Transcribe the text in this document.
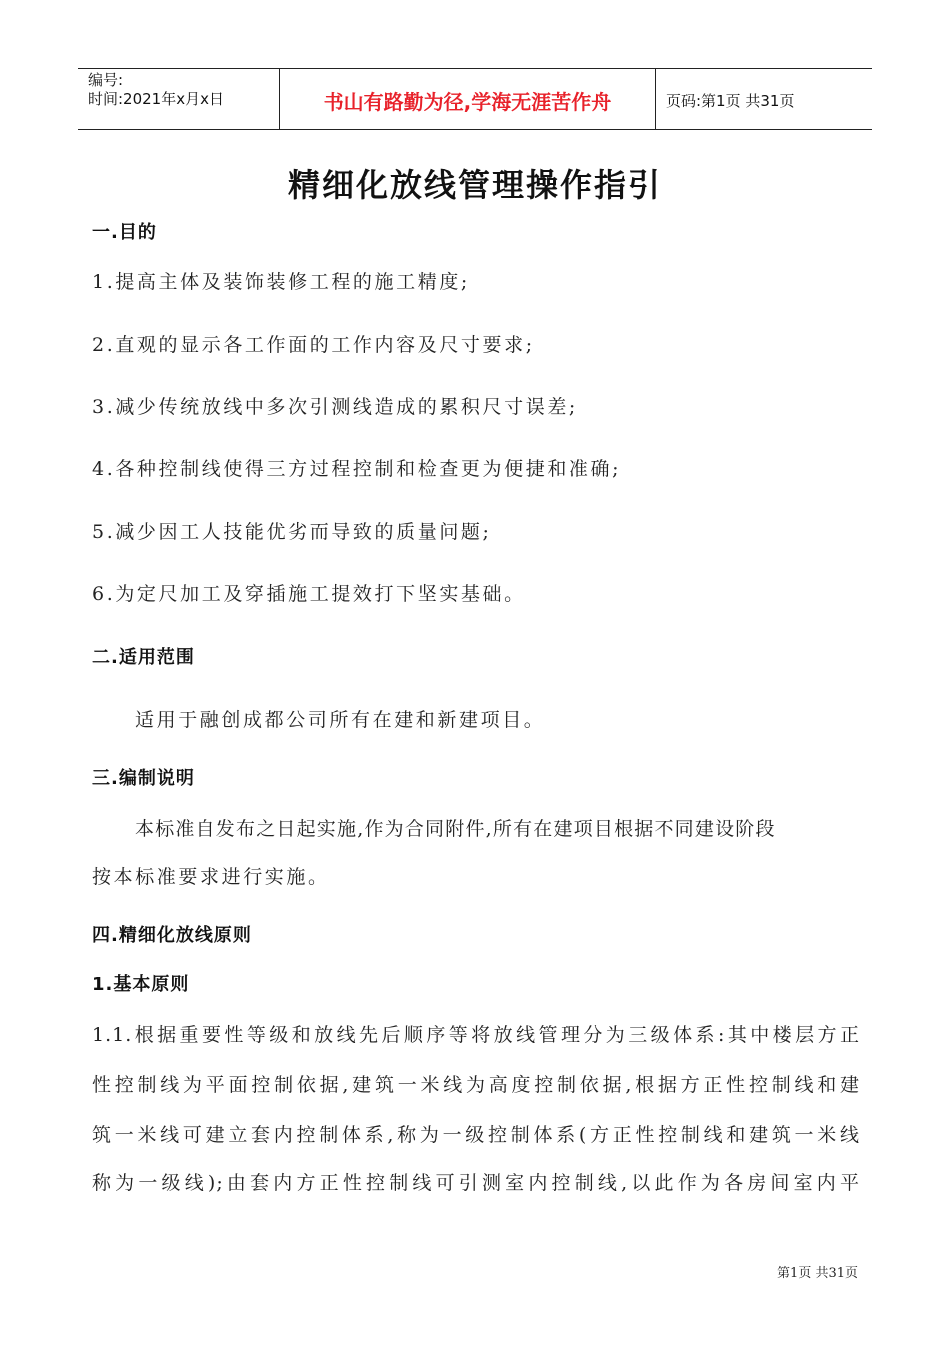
编号:
时间:2021年x月x日	书山有路勤为径,学海无涯苦作舟	页码:第1页 共31页
精细化放线管理操作指引
一.目的
1.提高主体及装饰装修工程的施工精度;
2.直观的显示各工作面的工作内容及尺寸要求;
3.减少传统放线中多次引测线造成的累积尺寸误差;
4.各种控制线使得三方过程控制和检查更为便捷和准确;
5.减少因工人技能优劣而导致的质量问题;
6.为定尺加工及穿插施工提效打下坚实基础。
二.适用范围
适用于融创成都公司所有在建和新建项目。
三.编制说明
本标准自发布之日起实施,作为合同附件,所有在建项目根据不同建设阶段
按本标准要求进行实施。
四.精细化放线原则
1.基本原则
1.1.根据重要性等级和放线先后顺序等将放线管理分为三级体系:其中楼层方正
性控制线为平面控制依据,建筑一米线为高度控制依据,根据方正性控制线和建
筑一米线可建立套内控制体系,称为一级控制体系(方正性控制线和建筑一米线
称为一级线);由套内方正性控制线可引测室内控制线,以此作为各房间室内平
第1页 共31页
